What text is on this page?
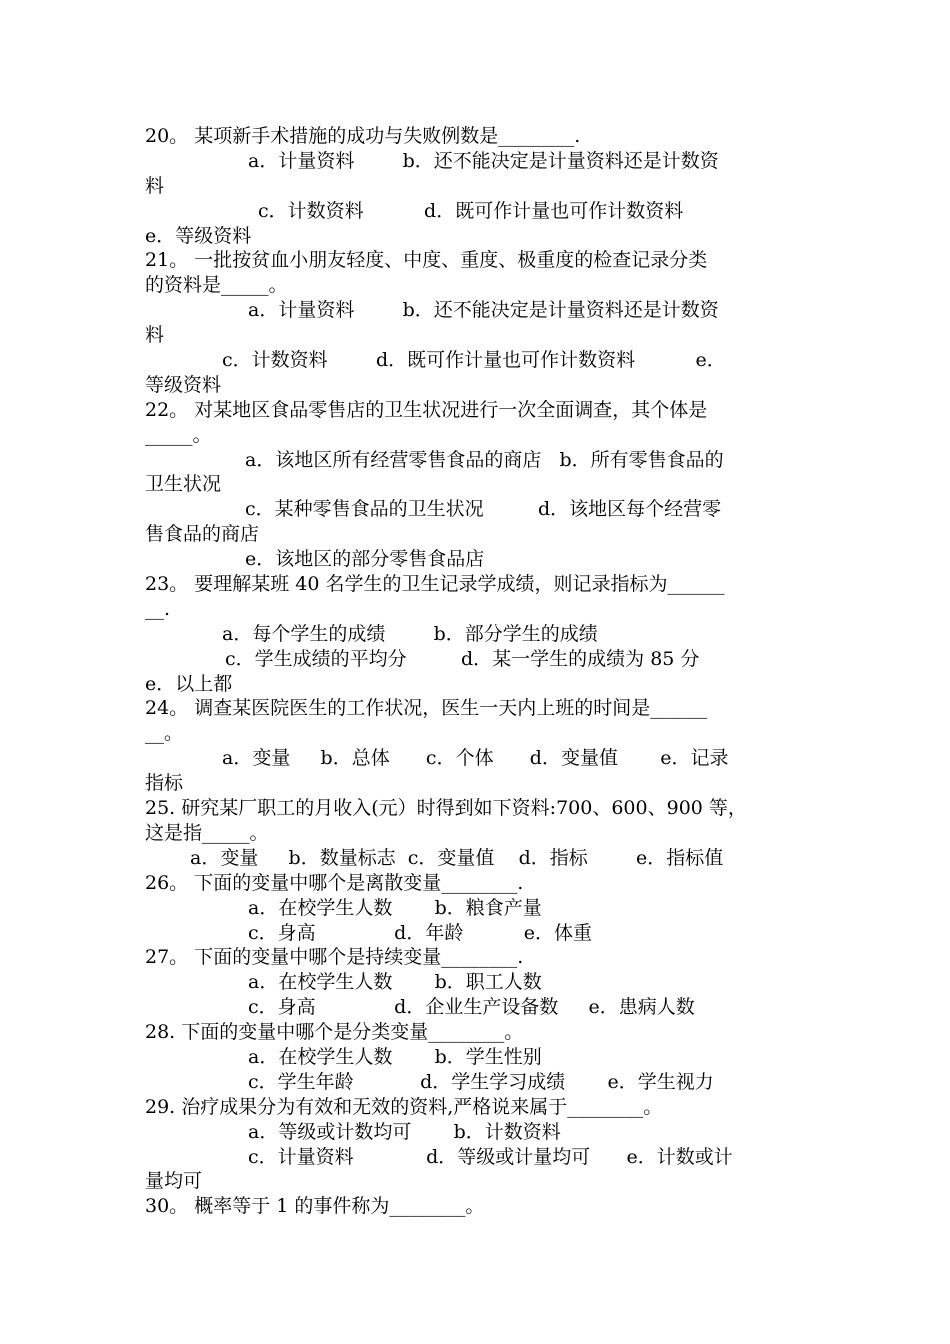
20。 某项新手术措施的成功与失败例数是________.
a．计量资料        b．还不能决定是计量资料还是计数资
料
c．计数资料          d．既可作计量也可作计数资料
e．等级资料
21。 一批按贫血小朋友轻度、中度、重度、极重度的检查记录分类
的资料是_____。
a．计量资料        b．还不能决定是计量资料还是计数资
料
c．计数资料        d．既可作计量也可作计数资料          e．
等级资料
22。 对某地区食品零售店的卫生状况进行一次全面调查，其个体是
_____。
a．该地区所有经营零售食品的商店   b．所有零售食品的
卫生状况
c．某种零售食品的卫生状况         d．该地区每个经营零
售食品的商店
e．该地区的部分零售食品店
23。 要理解某班 40 名学生的卫生记录学成绩，则记录指标为______
__.
a．每个学生的成绩        b．部分学生的成绩
c．学生成绩的平均分         d．某一学生的成绩为 85 分
e．以上都
24。 调查某医院医生的工作状况，医生一天内上班的时间是______
__。
a．变量     b．总体      c．个体      d．变量值       e．记录
指标
25. 研究某厂职工的月收入(元）时得到如下资料:700、600、900 等，
这是指_____。
a．变量     b．数量标志  c．变量值    d．指标        e．指标值
26。 下面的变量中哪个是离散变量________.
a．在校学生人数       b．粮食产量
c．身高             d．年龄          e．体重
27。 下面的变量中哪个是持续变量________.
a．在校学生人数       b．职工人数
c．身高             d．企业生产设备数     e．患病人数
28. 下面的变量中哪个是分类变量________。
a．在校学生人数       b．学生性别
c．学生年龄           d．学生学习成绩       e．学生视力
29. 治疗成果分为有效和无效的资料,严格说来属于________。
a．等级或计数均可       b．计数资料
c．计量资料            d．等级或计量均可      e．计数或计
量均可
30。 概率等于 1 的事件称为________。
